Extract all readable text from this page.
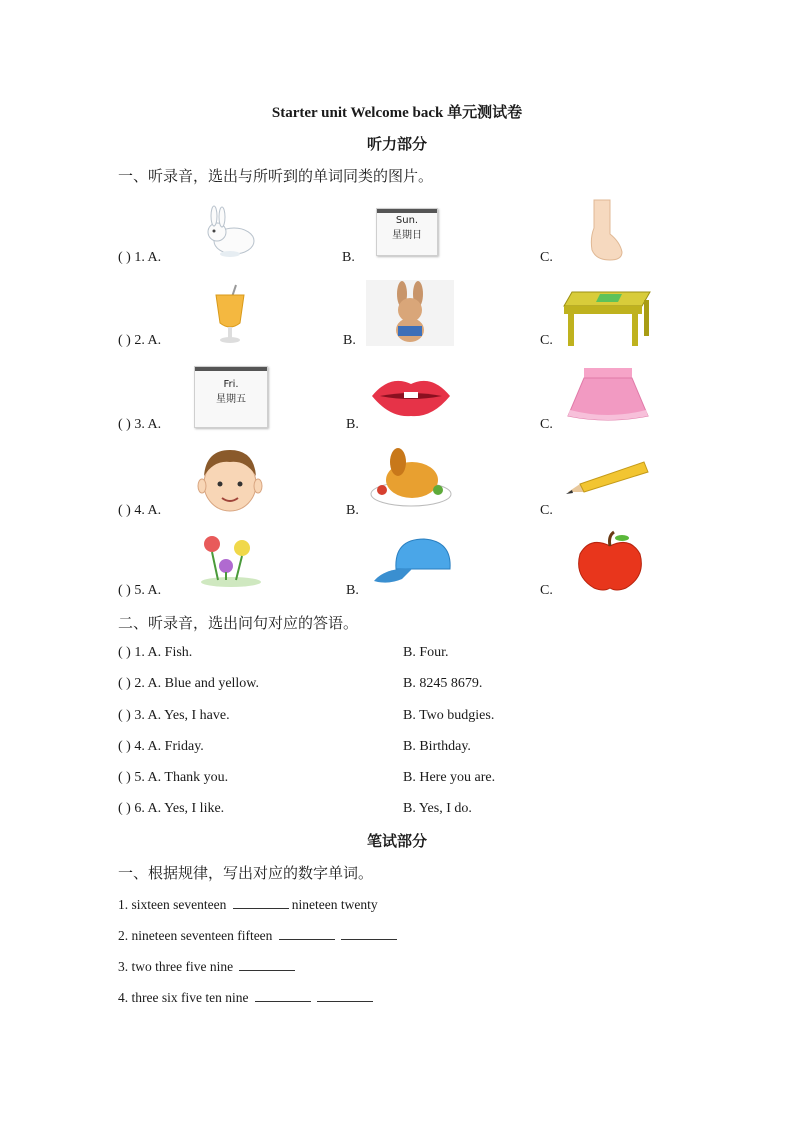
Starter unit Welcome back 单元测试卷
听力部分
一、听录音，选出与所听到的单词同类的图片。
( ) 1. A.	B.	C.
( ) 2. A.	B.	C.
( ) 3. A.	B.	C.
( ) 4. A.	B.	C.
( ) 5. A.	B.	C.
Sun.
星期日
Fri.
星期五
二、听录音，选出问句对应的答语。
( ) 1. A. Fish.	B. Four.
( ) 2. A. Blue and yellow.	B. 8245 8679.
( ) 3. A. Yes, I have.	B. Two budgies.
( ) 4. A. Friday.	B. Birthday.
( ) 5. A. Thank you.	B. Here you are.
( ) 6. A. Yes, I like.	B. Yes, I do.
笔试部分
一、根据规律，写出对应的数字单词。
1. sixteen seventeen	nineteen twenty
2. nineteen seventeen fifteen
3. two three five nine
4. three six five ten nine
